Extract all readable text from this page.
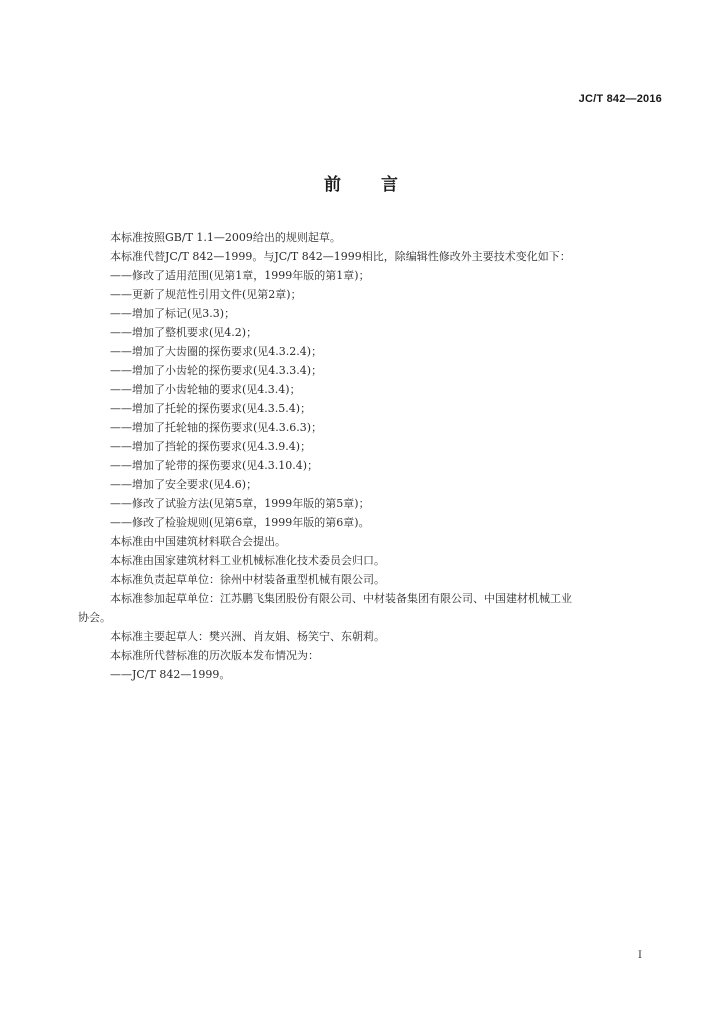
JC/T 842—2016
前 言

本标准按照GB/T 1.1—2009给出的规则起草。

本标准代替JC/T 842—1999。与JC/T 842—1999相比，除编辑性修改外主要技术变化如下：

——修改了适用范围(见第1章，1999年版的第1章)；

——更新了规范性引用文件(见第2章)；

——增加了标记(见3.3)；

——增加了整机要求(见4.2)；

——增加了大齿圈的探伤要求(见4.3.2.4)；

——增加了小齿轮的探伤要求(见4.3.3.4)；

——增加了小齿轮轴的要求(见4.3.4)；

——增加了托轮的探伤要求(见4.3.5.4)；

——增加了托轮轴的探伤要求(见4.3.6.3)；

——增加了挡轮的探伤要求(见4.3.9.4)；

——增加了轮带的探伤要求(见4.3.10.4)；

——增加了安全要求(见4.6)；

——修改了试验方法(见第5章，1999年版的第5章)；

——修改了检验规则(见第6章，1999年版的第6章)。

本标准由中国建筑材料联合会提出。

本标准由国家建筑材料工业机械标准化技术委员会归口。

本标准负责起草单位：徐州中材装备重型机械有限公司。

本标准参加起草单位：江苏鹏飞集团股份有限公司、中材装备集团有限公司、中国建材机械工业

协会。

本标准主要起草人：樊兴洲、肖友娟、杨笑宁、东朝莉。

本标准所代替标准的历次版本发布情况为：

——JC/T 842—1999。

I
